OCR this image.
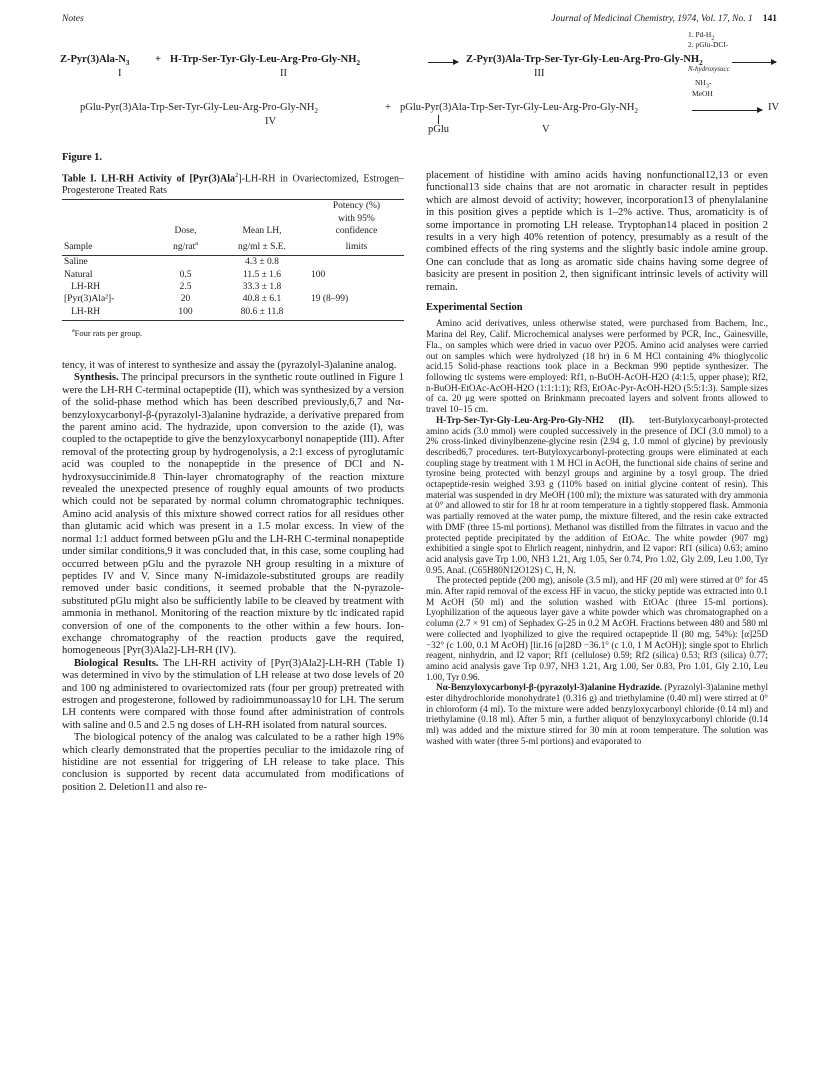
Notes	Journal of Medicinal Chemistry, 1974, Vol. 17, No. 1 141
$Z-Pyr(3)Ala-N_3 + H-Trp-Ser-Tyr-Gly-Leu-Arg-Pro-Gly-NH_2$	$Z-Pyr(3)Ala-Trp-Ser-Tyr-Gly-Leu-Arg-Pro-Gly-NH_2$
1. $Pd-H_2$
2. pGlu-DCI-
N-hydroxysucc
$NH_3-$
MeOH
I	II	III
pGlu-$Pyr(3)Ala-Trp-Ser-Tyr-Gly-Leu-Arg-Pro-Gly-NH_2$	+ pGlu-$Pyr(3)Ala-Trp-Ser-Tyr-Gly-Leu-Arg-Pro-Gly-NH_2$	IV
IV
pGlu	V
Figure 1.
Table I. LH-RH Activity of [Pyr(3)Ala$^2$]-LH-RH in Ovariectomized, Estrogen–Progesterone Treated Rats
			Potency (%)
			with 95%
	Dose,	Mean LH,	confidence
Sample	ng/rat$^a$	ng/ml ± S.E.	limits
Saline		4.3 ± 0.8	
Natural	0.5	11.5 ± 1.6	100
LH-RH	2.5	33.3 ± 1.8	
[Pyr(3)Ala²]-	20	40.8 ± 6.1	19 (8–99)
LH-RH	100	80.6 ± 11.8	
$^a$Four rats per group.

tency, it was of interest to synthesize and assay the (pyrazolyl-3)alanine analog.

Synthesis. The principal precursors in the synthetic route outlined in Figure 1 were the LH-RH C-terminal octapeptide (II), which was synthesized by a version of the solid-phase method which has been described previously,6,7 and Nα-benzyloxycarbonyl-β-(pyrazolyl-3)alanine hydrazide, a derivative prepared from the parent amino acid. The hydrazide, upon conversion to the azide (I), was coupled to the octapeptide to give the benzyloxycarbonyl nonapeptide (III). After removal of the protecting group by hydrogenolysis, a 2:1 excess of pyroglutamic acid was coupled to the nonapeptide in the presence of DCI and N-hydroxysuccinimide.8 Thin-layer chromatography of the reaction mixture revealed the unexpected presence of roughly equal amounts of two products which could not be separated by normal column chromatographic techniques. Amino acid analysis of this mixture showed correct ratios for all residues other than glutamic acid which was present in a 1.5 molar excess. In view of the normal 1:1 adduct formed between pGlu and the LH-RH C-terminal nonapeptide under similar conditions,9 it was concluded that, in this case, some coupling had occurred between pGlu and the pyrazole NH group resulting in a mixture of peptides IV and V. Since many N-imidazole-substituted groups are readily removed under basic conditions, it seemed probable that the N-pyrazole-substituted pGlu might also be sufficiently labile to be cleaved by treatment with ammonia in methanol. Monitoring of the reaction mixture by tlc indicated rapid conversion of one of the components to the other within a few hours. Ion-exchange chromatography of the reaction products gave the required, homogeneous [Pyr(3)Ala2]-LH-RH (IV).

Biological Results. The LH-RH activity of [Pyr(3)Ala2]-LH-RH (Table I) was determined in vivo by the stimulation of LH release at two dose levels of 20 and 100 ng administered to ovariectomized rats (four per group) pretreated with estrogen and progesterone, followed by radioimmunoassay10 for LH. The serum LH contents were compared with those found after administration of controls with saline and 0.5 and 2.5 ng doses of LH-RH isolated from natural sources.

The biological potency of the analog was calculated to be a rather high 19% which clearly demonstrated that the properties peculiar to the imidazole ring of histidine are not essential for triggering of LH release to take place. This conclusion is supported by recent data accumulated from modifications of position 2. Deletion11 and also re-

placement of histidine with amino acids having nonfunctional12,13 or even functional13 side chains that are not aromatic in character result in peptides which are almost devoid of activity; however, incorporation13 of phenylalanine in this position gives a peptide which is 1–2% active. Thus, aromaticity is of some importance in promoting LH release. Tryptophan14 placed in position 2 results in a very high 40% retention of potency, presumably as a result of the combined effects of the ring systems and the slightly basic indole amine group. One can conclude that as long as aromatic side chains having some degree of basicity are present in position 2, then significant intrinsic levels of activity will remain.

Experimental Section

Amino acid derivatives, unless otherwise stated, were purchased from Bachem, Inc., Marina del Rey, Calif. Microchemical analyses were performed by PCR, Inc., Gainesville, Fla., on samples which were dried in vacuo over P2O5. Amino acid analyses were carried out on samples which were hydrolyzed (18 hr) in 6 M HCl containing 4% thioglycolic acid.15 Solid-phase reactions took place in a Beckman 990 peptide synthesizer. The following tlc systems were employed: Rf1, n-BuOH-AcOH-H2O (4:1:5, upper phase); Rf2, n-BuOH-EtOAc-AcOH-H2O (1:1:1:1); Rf3, EtOAc-Pyr-AcOH-H2O (5:5:1:3). Sample sizes of ca. 20 μg were spotted on Brinkmann precoated layers and solvent fronts allowed to travel 10–15 cm.

H-Trp-Ser-Tyr-Gly-Leu-Arg-Pro-Gly-NH2 (II). tert-Butyloxycarbonyl-protected amino acids (3.0 mmol) were coupled successively in the presence of DCI (3.0 mmol) to a 2% cross-linked divinylbenzene-glycine resin (2.94 g, 1.0 mmol of glycine) by previously described6,7 procedures. tert-Butyloxycarbonyl-protecting groups were eliminated at each coupling stage by treatment with 1 M HCl in AcOH, the functional side chains of serine and tyrosine being protected with benzyl groups and arginine by a tosyl group. The dried octapeptide-resin weighed 3.93 g (110% based on initial glycine content of resin). This material was suspended in dry MeOH (100 ml); the mixture was saturated with dry ammonia at 0° and allowed to stir for 18 hr at room temperature in a tightly stoppered flask. Ammonia was partially removed at the water pump, the mixture filtered, and the resin cake extracted with DMF (three 15-ml portions). Methanol was distilled from the filtrates in vacuo and the protected peptide precipitated by the addition of EtOAc. The white powder (907 mg) exhibitied a single spot to Ehrlich reagent, ninhydrin, and I2 vapor: Rf1 (silica) 0.63; amino acid analysis gave Trp 1.00, NH3 1.21, Arg 1.05, Ser 0.74, Pro 1.02, Gly 2.09, Leu 1.00, Tyr 0.95. Anal. (C65H80N12O12S) C, H, N.

The protected peptide (200 mg), anisole (3.5 ml), and HF (20 ml) were stirred at 0° for 45 min. After rapid removal of the excess HF in vacuo, the sticky peptide was extracted into 0.1 M AcOH (50 ml) and the solution washed with EtOAc (three 15-ml portions). Lyophilization of the aqueous layer gave a white powder which was chromatographed on a column (2.7 × 91 cm) of Sephadex G-25 in 0.2 M AcOH. Fractions between 480 and 580 ml were collected and lyophilized to give the required octapeptide II (80 mg, 54%): [α]25D −32° (c 1.00, 0.1 M AcOH) [lit.16 [α]28D −36.1° (c 1.0, 1 M AcOH)]; single spot to Ehrlich reagent, ninhydrin, and I2 vapor; Rf1 (cellulose) 0.59; Rf2 (silica) 0.53; Rf3 (silica) 0.77; amino acid analysis gave Trp 0.97, NH3 1.21, Arg 1.00, Ser 0.83, Pro 1.01, Gly 2.10, Leu 1.00, Tyr 0.96.

Nα-Benzyloxycarbonyl-β-(pyrazolyl-3)alanine Hydrazide. (Pyrazolyl-3)alanine methyl ester dihydrochloride monohydrate1 (0.316 g) and triethylamine (0.40 ml) were stirred at 0° in chloroform (4 ml). To the mixture were added benzyloxycarbonyl chloride (0.14 ml) and triethylamine (0.18 ml). After 5 min, a further aliquot of benzyloxycarbonyl chloride (0.14 ml) was added and the mixture stirred for 30 min at room temperature. The solution was washed with water (three 5-ml portions) and evaporated to
